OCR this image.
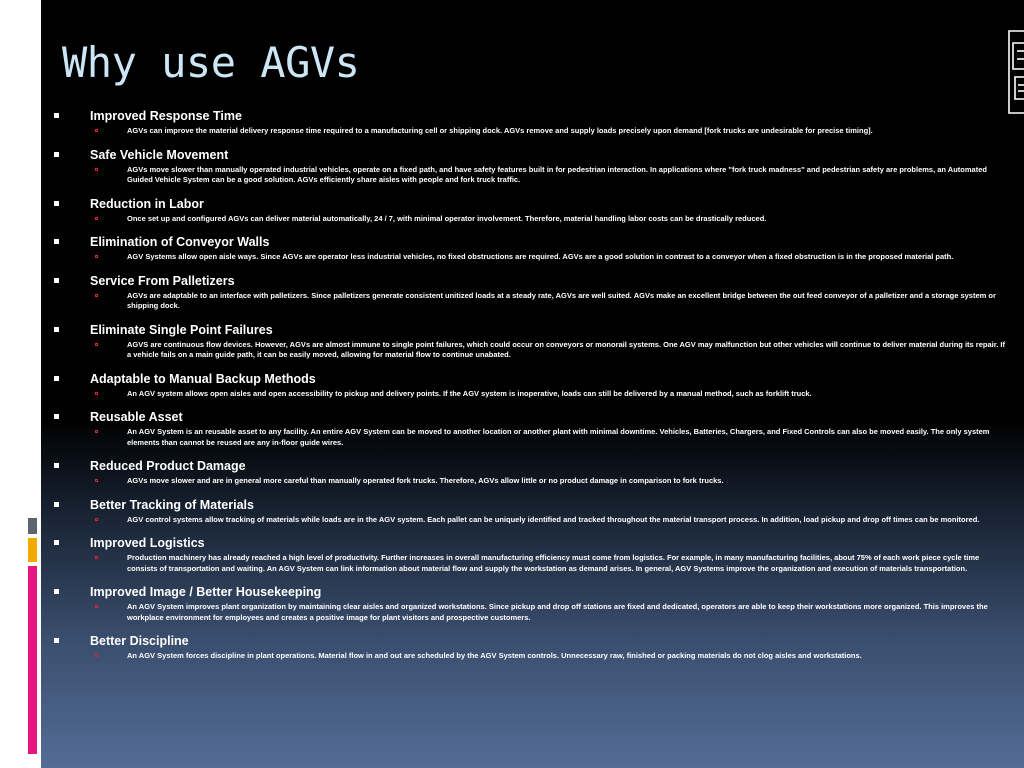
Why use AGVs
Improved Response Time
AGVs can improve the material delivery response time required to a manufacturing cell or shipping dock. AGVs remove and supply loads precisely upon demand [fork trucks are undesirable for precise timing].
Safe Vehicle Movement
AGVs move slower than manually operated industrial vehicles, operate on a fixed path, and have safety features built in for pedestrian interaction. In applications where "fork truck madness" and pedestrian safety are problems, an Automated Guided Vehicle System can be a good solution. AGVs efficiently share aisles with people and fork truck traffic.
Reduction in Labor
Once set up and configured AGVs can deliver material automatically, 24 / 7, with minimal operator involvement. Therefore, material handling labor costs can be drastically reduced.
Elimination of Conveyor Walls
AGV Systems allow open aisle ways. Since AGVs are operator less industrial vehicles, no fixed obstructions are required. AGVs are a good solution in contrast to a conveyor when a fixed obstruction is in the proposed material path.
Service From Palletizers
AGVs are adaptable to an interface with palletizers. Since palletizers generate consistent unitized loads at a steady rate, AGVs are well suited. AGVs make an excellent bridge between the out feed conveyor of a palletizer and a storage system or shipping dock.
Eliminate Single Point Failures
AGVS are continuous flow devices. However, AGVs are almost immune to single point failures, which could occur on conveyors or monorail systems. One AGV may malfunction but other vehicles will continue to deliver material during its repair. If a vehicle fails on a main guide path, it can be easily moved, allowing for material flow to continue unabated.
Adaptable to Manual Backup Methods
An AGV system allows open aisles and open accessibility to pickup and delivery points. If the AGV system is inoperative, loads can still be delivered by a manual method, such as forklift truck.
Reusable Asset
An AGV System is an reusable asset to any facility. An entire AGV System can be moved to another location or another plant with minimal downtime. Vehicles, Batteries, Chargers, and Fixed Controls can also be moved easily. The only system elements than cannot be reused are any in-floor guide wires.
Reduced Product Damage
AGVs move slower and are in general more careful than manually operated fork trucks. Therefore, AGVs allow little or no product damage in comparison to fork trucks.
Better Tracking of Materials
AGV control systems allow tracking of materials while loads are in the AGV system. Each pallet can be uniquely identified and tracked throughout the material transport process. In addition, load pickup and drop off times can be monitored.
Improved Logistics
Production machinery has already reached a high level of productivity. Further increases in overall manufacturing efficiency must come from logistics. For example, in many manufacturing facilities, about 75% of each work piece cycle time consists of transportation and waiting. An AGV System can link information about material flow and supply the workstation as demand arises. In general, AGV Systems improve the organization and execution of materials transportation.
Improved Image / Better Housekeeping
An AGV System improves plant organization by maintaining clear aisles and organized workstations. Since pickup and drop off stations are fixed and dedicated, operators are able to keep their workstations more organized. This improves the workplace environment for employees and creates a positive image for plant visitors and prospective customers.
Better Discipline
An AGV System forces discipline in plant operations. Material flow in and out are scheduled by the AGV System controls. Unnecessary raw, finished or packing materials do not clog aisles and workstations.
